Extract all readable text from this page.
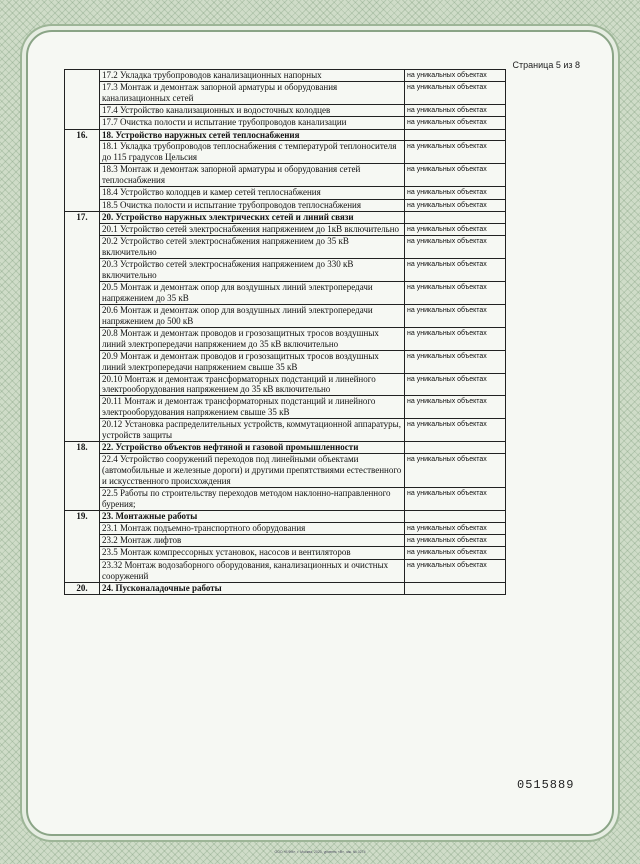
Страница 5 из 8
	17.2 Укладка трубопроводов канализационных напорных	на уникальных объектах
	17.3 Монтаж и демонтаж запорной арматуры и оборудования канализационных сетей	на уникальных объектах
	17.4 Устройство канализационных и водосточных колодцев	на уникальных объектах
	17.7 Очистка полости и испытание трубопроводов канализации	на уникальных объектах
16.	18. Устройство наружных сетей теплоснабжения	
	18.1 Укладка трубопроводов теплоснабжения с температурой теплоносителя до 115 градусов Цельсия	на уникальных объектах
	18.3 Монтаж и демонтаж запорной арматуры и оборудования сетей теплоснабжения	на уникальных объектах
	18.4 Устройство колодцев и камер сетей теплоснабжения	на уникальных объектах
	18.5 Очистка полости и испытание трубопроводов теплоснабжения	на уникальных объектах
17.	20. Устройство наружных электрических сетей и линий связи	
	20.1 Устройство сетей электроснабжения напряжением до 1кВ включительно	на уникальных объектах
	20.2 Устройство сетей электроснабжения напряжением до 35 кВ включительно	на уникальных объектах
	20.3 Устройство сетей электроснабжения напряжением до 330 кВ включительно	на уникальных объектах
	20.5 Монтаж и демонтаж опор для воздушных линий электропередачи напряжением до 35 кВ	на уникальных объектах
	20.6 Монтаж и демонтаж опор для воздушных линий электропередачи напряжением до 500 кВ	на уникальных объектах
	20.8 Монтаж и демонтаж проводов и грозозащитных тросов воздушных линий электропередачи напряжением до 35 кВ включительно	на уникальных объектах
	20.9 Монтаж и демонтаж проводов и грозозащитных тросов воздушных линий электропередачи напряжением свыше 35 кВ	на уникальных объектах
	20.10 Монтаж и демонтаж трансформаторных подстанций и линейного электрооборудования напряжением до 35 кВ включительно	на уникальных объектах
	20.11 Монтаж и демонтаж трансформаторных подстанций и линейного электрооборудования напряжением свыше 35 кВ	на уникальных объектах
	20.12 Установка распределительных устройств, коммутационной аппаратуры, устройств защиты	на уникальных объектах
18.	22. Устройство объектов нефтяной и газовой промышленности	
	22.4 Устройство сооружений переходов под линейными объектами (автомобильные и железные дороги) и другими препятствиями естественного и искусственного происхождения	на уникальных объектах
	22.5 Работы по строительству переходов методом наклонно-направленного бурения;	на уникальных объектах
19.	23. Монтажные работы	
	23.1 Монтаж подъемно-транспортного оборудования	на уникальных объектах
	23.2 Монтаж лифтов	на уникальных объектах
	23.5 Монтаж компрессорных установок, насосов и вентиляторов	на уникальных объектах
	23.32 Монтаж водозаборного оборудования, канализационных и очистных сооружений	на уникальных объектах
20.	24. Пусконаладочные работы	
0515889
ООО «БФМ», г. Москва, 2020, уровень «В», зак. № 0274
